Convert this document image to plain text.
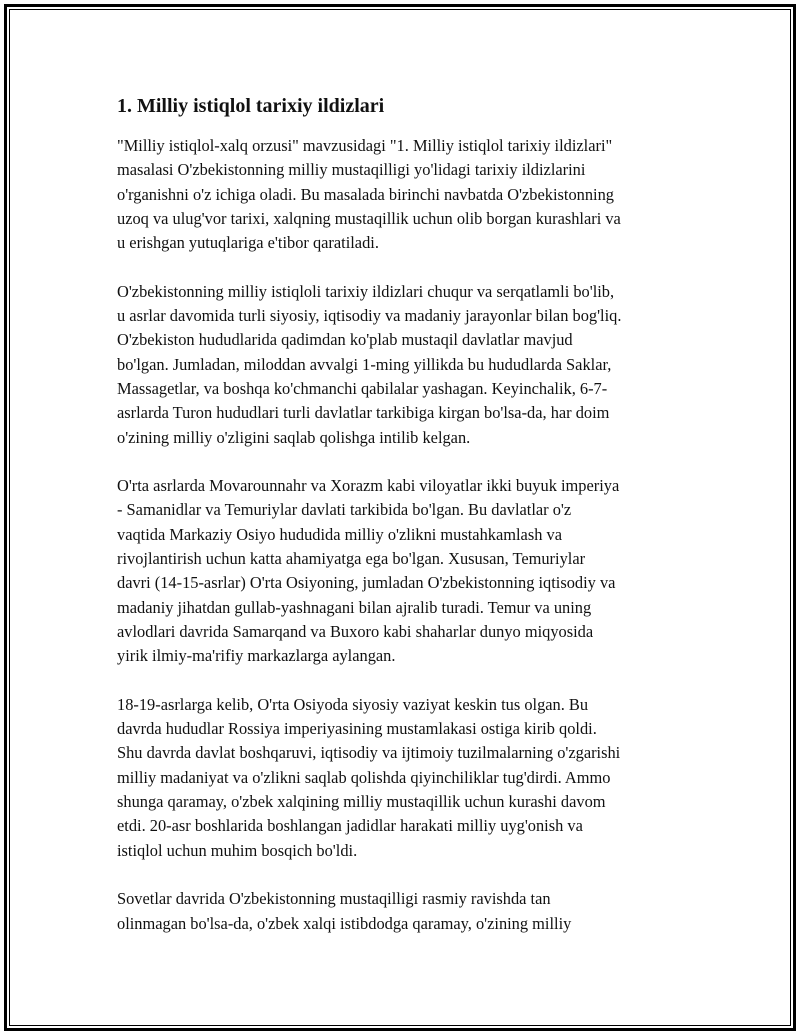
1. Milliy istiqlol tarixiy ildizlari

"Milliy istiqlol-xalq orzusi" mavzusidagi "1. Milliy istiqlol tarixiy ildizlari"
masalasi O'zbekistonning milliy mustaqilligi yo'lidagi tarixiy ildizlarini
o'rganishni o'z ichiga oladi. Bu masalada birinchi navbatda O'zbekistonning
uzoq va ulug'vor tarixi, xalqning mustaqillik uchun olib borgan kurashlari va
u erishgan yutuqlariga e'tibor qaratiladi.

O'zbekistonning milliy istiqloli tarixiy ildizlari chuqur va serqatlamli bo'lib,
u asrlar davomida turli siyosiy, iqtisodiy va madaniy jarayonlar bilan bog'liq.
O'zbekiston hududlarida qadimdan ko'plab mustaqil davlatlar mavjud
bo'lgan. Jumladan, miloddan avvalgi 1-ming yillikda bu hududlarda Saklar,
Massagetlar, va boshqa ko'chmanchi qabilalar yashagan. Keyinchalik, 6-7-
asrlarda Turon hududlari turli davlatlar tarkibiga kirgan bo'lsa-da, har doim
o'zining milliy o'zligini saqlab qolishga intilib kelgan.

O'rta asrlarda Movarounnahr va Xorazm kabi viloyatlar ikki buyuk imperiya
- Samanidlar va Temuriylar davlati tarkibida bo'lgan. Bu davlatlar o'z
vaqtida Markaziy Osiyo hududida milliy o'zlikni mustahkamlash va
rivojlantirish uchun katta ahamiyatga ega bo'lgan. Xususan, Temuriylar
davri (14-15-asrlar) O'rta Osiyoning, jumladan O'zbekistonning iqtisodiy va
madaniy jihatdan gullab-yashnagani bilan ajralib turadi. Temur va uning
avlodlari davrida Samarqand va Buxoro kabi shaharlar dunyo miqyosida
yirik ilmiy-ma'rifiy markazlarga aylangan.

18-19-asrlarga kelib, O'rta Osiyoda siyosiy vaziyat keskin tus olgan. Bu
davrda hududlar Rossiya imperiyasining mustamlakasi ostiga kirib qoldi.
Shu davrda davlat boshqaruvi, iqtisodiy va ijtimoiy tuzilmalarning o'zgarishi
milliy madaniyat va o'zlikni saqlab qolishda qiyinchiliklar tug'dirdi. Ammo
shunga qaramay, o'zbek xalqining milliy mustaqillik uchun kurashi davom
etdi. 20-asr boshlarida boshlangan jadidlar harakati milliy uyg'onish va
istiqlol uchun muhim bosqich bo'ldi.

Sovetlar davrida O'zbekistonning mustaqilligi rasmiy ravishda tan
olinmagan bo'lsa-da, o'zbek xalqi istibdodga qaramay, o'zining milliy
